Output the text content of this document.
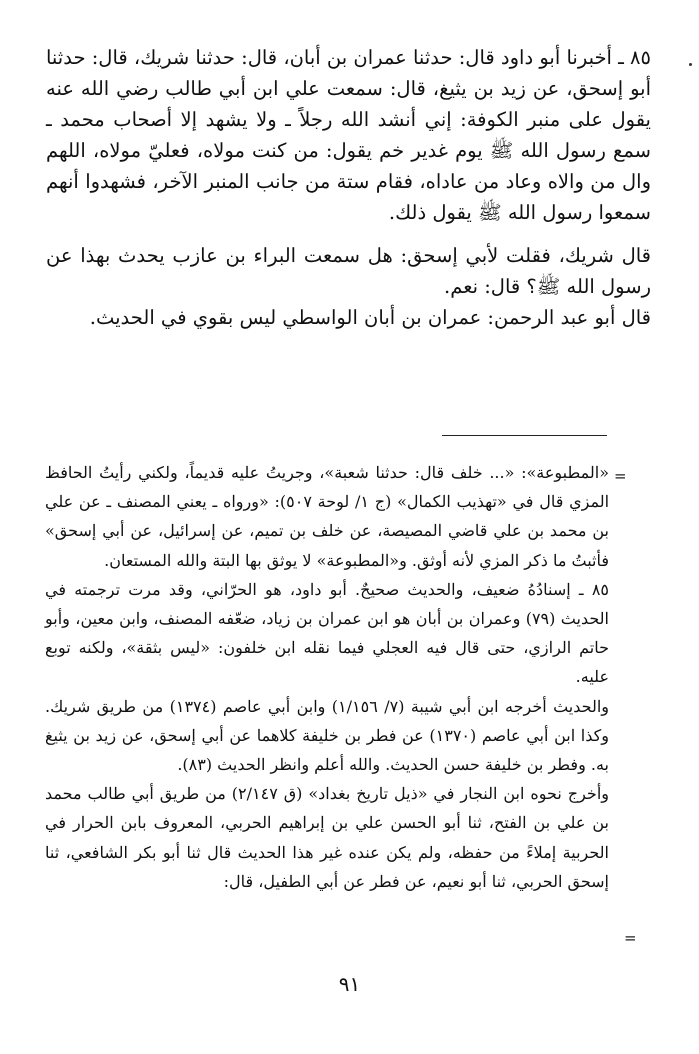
٨٥ ـ أخبرنا أبو داود قال: حدثنا عمران بن أبان، قال: حدثنا شريك، قال: حدثنا أبو إسحق، عن زيد بن يثيغ، قال: سمعت علي ابن أبي طالب رضي الله عنه يقول على منبر الكوفة: إني أنشد الله رجلاً ـ ولا يشهد إلا أصحاب محمد ـ سمع رسول الله ﷺ يوم غدير خم يقول: من كنت مولاه، فعليّ مولاه، اللهم وال من والاه وعاد من عاداه، فقام ستة من جانب المنبر الآخر، فشهدوا أنهم سمعوا رسول الله ﷺ يقول ذلك.
قال شريك، فقلت لأبي إسحق: هل سمعت البراء بن عازب يحدث بهذا عن رسول الله ﷺ؟ قال: نعم.
قال أبو عبد الرحمن: عمران بن أبان الواسطي ليس بقوي في الحديث.
=
«المطبوعة»: «... خلف قال: حدثنا شعبة»، وجريتُ عليه قديماً، ولكني رأيتُ الحافظ المزي قال في «تهذيب الكمال» (ج ١/ لوحة ٥٠٧): «ورواه ـ يعني المصنف ـ عن علي بن محمد بن علي قاضي المصيصة، عن خلف بن تميم، عن إسرائيل، عن أبي إسحق» فأثبتُ ما ذكر المزي لأنه أوثق. و«المطبوعة» لا يوثق بها البتة والله المستعان.
٨٥ ـ إسنادُهُ ضعيف، والحديث صحيحٌ. أبو داود، هو الحرّاني، وقد مرت ترجمته في الحديث (٧٩) وعمران بن أبان هو ابن عمران بن زياد، ضعّفه المصنف، وابن معين، وأبو حاتم الرازي، حتى قال فيه العجلي فيما نقله ابن خلفون: «ليس بثقة»، ولكنه توبع عليه.
والحديث أخرجه ابن أبي شيبة (٧/ ١/١٥٦) وابن أبي عاصم (١٣٧٤) من طريق شريك. وكذا ابن أبي عاصم (١٣٧٠) عن فطر بن خليفة كلاهما عن أبي إسحق، عن زيد بن يثيغ به. وفطر بن خليفة حسن الحديث. والله أعلم وانظر الحديث (٨٣).
وأخرج نحوه ابن النجار في «ذيل تاريخ بغداد» (ق ٢/١٤٧) من طريق أبي طالب محمد بن علي بن الفتح، ثنا أبو الحسن علي بن إبراهيم الحربي، المعروف بابن الحرار في الحربية إملاءً من حفظه، ولم يكن عنده غير هذا الحديث قال ثنا أبو بكر الشافعي، ثنا إسحق الحربي، ثنا أبو نعيم، عن فطر عن أبي الطفيل، قال:
=
٩١
